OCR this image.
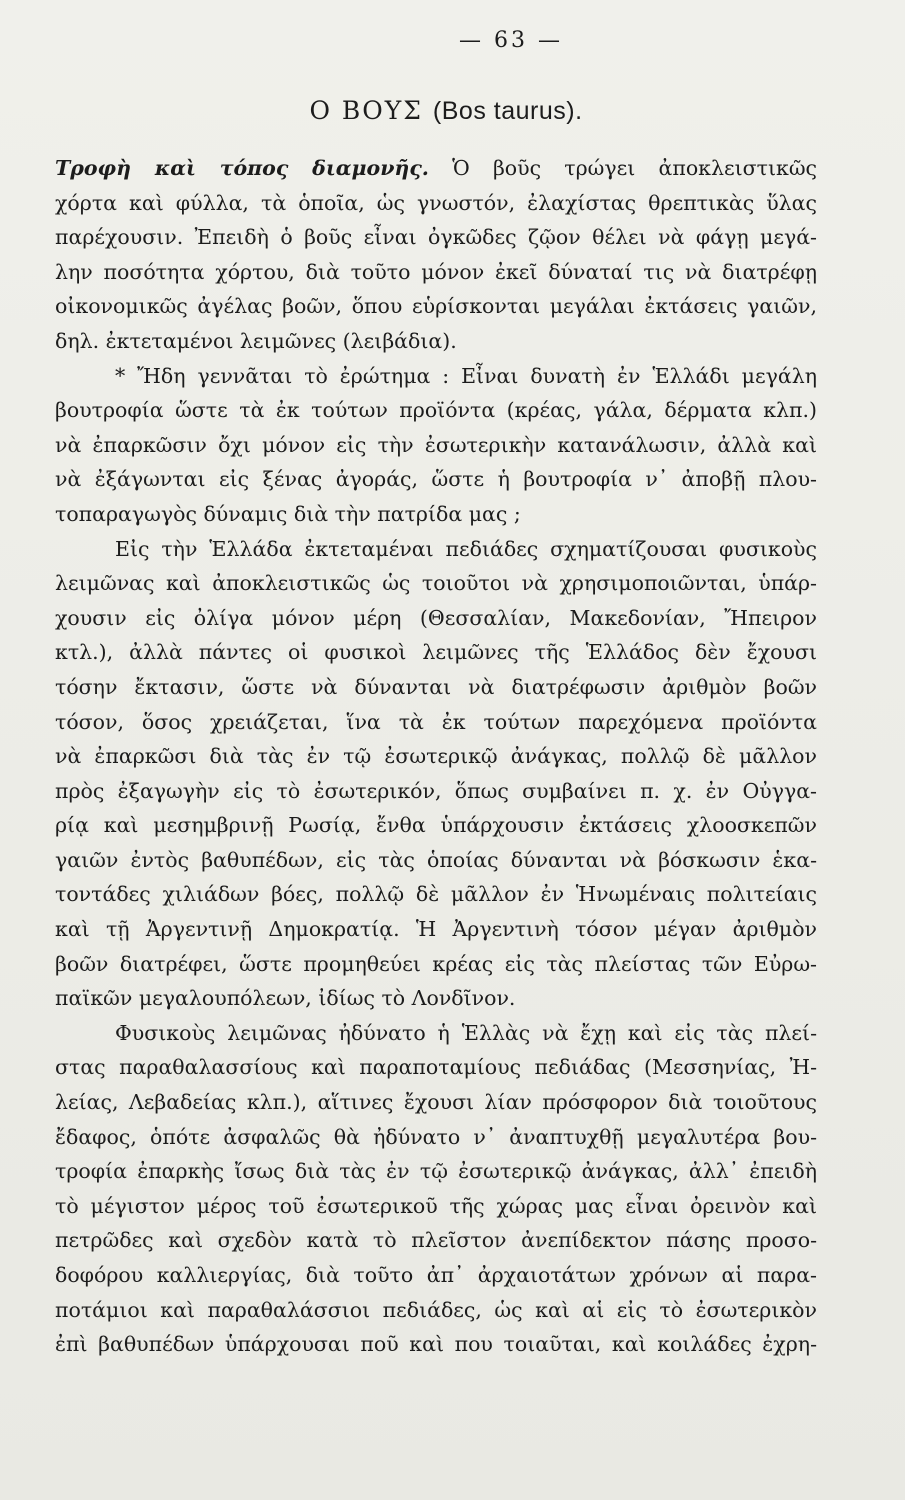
— 63 —
Ο ΒΟΥΣ (Bos taurus).
Τροφὴ καὶ τόπος διαμονῆς. Ὁ βοῦς τρώγει ἀποκλειστικῶς
χόρτα καὶ φύλλα, τὰ ὁποῖα, ὡς γνωστόν, ἐλαχίστας θρεπτικὰς ὕλας
παρέχουσιν. Ἐπειδὴ ὁ βοῦς εἶναι ὀγκῶδες ζῷον θέλει νὰ φάγῃ μεγά-
λην ποσότητα χόρτου, διὰ τοῦτο μόνον ἐκεῖ δύναταί τις νὰ διατρέφῃ
οἰκονομικῶς ἀγέλας βοῶν, ὅπου εὑρίσκονται μεγάλαι ἐκτάσεις γαιῶν,
δηλ. ἐκτεταμένοι λειμῶνες (λειβάδια).
* Ἤδη γεννᾶται τὸ ἐρώτημα : Εἶναι δυνατὴ ἐν Ἑλλάδι μεγάλη
βουτροφία ὥστε τὰ ἐκ τούτων προϊόντα (κρέας, γάλα, δέρματα κλπ.)
νὰ ἐπαρκῶσιν ὄχι μόνον εἰς τὴν ἐσωτερικὴν κατανάλωσιν, ἀλλὰ καὶ
νὰ ἐξάγωνται εἰς ξένας ἀγοράς, ὥστε ἡ βουτροφία ν᾽ ἀποβῇ πλου-
τοπαραγωγὸς δύναμις διὰ τὴν πατρίδα μας ;
Εἰς τὴν Ἑλλάδα ἐκτεταμέναι πεδιάδες σχηματίζουσαι φυσικοὺς
λειμῶνας καὶ ἀποκλειστικῶς ὡς τοιοῦτοι νὰ χρησιμοποιῶνται, ὑπάρ-
χουσιν εἰς ὀλίγα μόνον μέρη (Θεσσαλίαν, Μακεδονίαν, Ἤπειρον
κτλ.), ἀλλὰ πάντες οἱ φυσικοὶ λειμῶνες τῆς Ἑλλάδος δὲν ἔχουσι
τόσην ἔκτασιν, ὥστε νὰ δύνανται νὰ διατρέφωσιν ἀριθμὸν βοῶν
τόσον, ὅσος χρειάζεται, ἵνα τὰ ἐκ τούτων παρεχόμενα προϊόντα
νὰ ἐπαρκῶσι διὰ τὰς ἐν τῷ ἐσωτερικῷ ἀνάγκας, πολλῷ δὲ μᾶλλον
πρὸς ἐξαγωγὴν εἰς τὸ ἐσωτερικόν, ὅπως συμβαίνει π. χ. ἐν Οὐγγα-
ρίᾳ καὶ μεσημβρινῇ Ρωσίᾳ, ἔνθα ὑπάρχουσιν ἐκτάσεις χλοοσκεπῶν
γαιῶν ἐντὸς βαθυπέδων, εἰς τὰς ὁποίας δύνανται νὰ βόσκωσιν ἑκα-
τοντάδες χιλιάδων βόες, πολλῷ δὲ μᾶλλον ἐν Ἡνωμέναις πολιτείαις
καὶ τῇ Ἀργεντινῇ Δημοκρατίᾳ. Ἡ Ἀργεντινὴ τόσον μέγαν ἀριθμὸν
βοῶν διατρέφει, ὥστε προμηθεύει κρέας εἰς τὰς πλείστας τῶν Εὐρω-
παϊκῶν μεγαλουπόλεων, ἰδίως τὸ Λονδῖνον.
Φυσικοὺς λειμῶνας ἠδύνατο ἡ Ἑλλὰς νὰ ἔχῃ καὶ εἰς τὰς πλεί-
στας παραθαλασσίους καὶ παραποταμίους πεδιάδας (Μεσσηνίας, Ἠ-
λείας, Λεβαδείας κλπ.), αἵτινες ἔχουσι λίαν πρόσφορον διὰ τοιοῦτους
ἔδαφος, ὁπότε ἀσφαλῶς θὰ ἠδύνατο ν᾽ ἀναπτυχθῇ μεγαλυτέρα βου-
τροφία ἐπαρκὴς ἴσως διὰ τὰς ἐν τῷ ἐσωτερικῷ ἀνάγκας, ἀλλ᾽ ἐπειδὴ
τὸ μέγιστον μέρος τοῦ ἐσωτερικοῦ τῆς χώρας μας εἶναι ὀρεινὸν καὶ
πετρῶδες καὶ σχεδὸν κατὰ τὸ πλεῖστον ἀνεπίδεκτον πάσης προσο-
δοφόρου καλλιεργίας, διὰ τοῦτο ἀπ᾽ ἀρχαιοτάτων χρόνων αἱ παρα-
ποτάμιοι καὶ παραθαλάσσιοι πεδιάδες, ὡς καὶ αἱ εἰς τὸ ἐσωτερικὸν
ἐπὶ βαθυπέδων ὑπάρχουσαι ποῦ καὶ που τοιαῦται, καὶ κοιλάδες ἐχρη-
